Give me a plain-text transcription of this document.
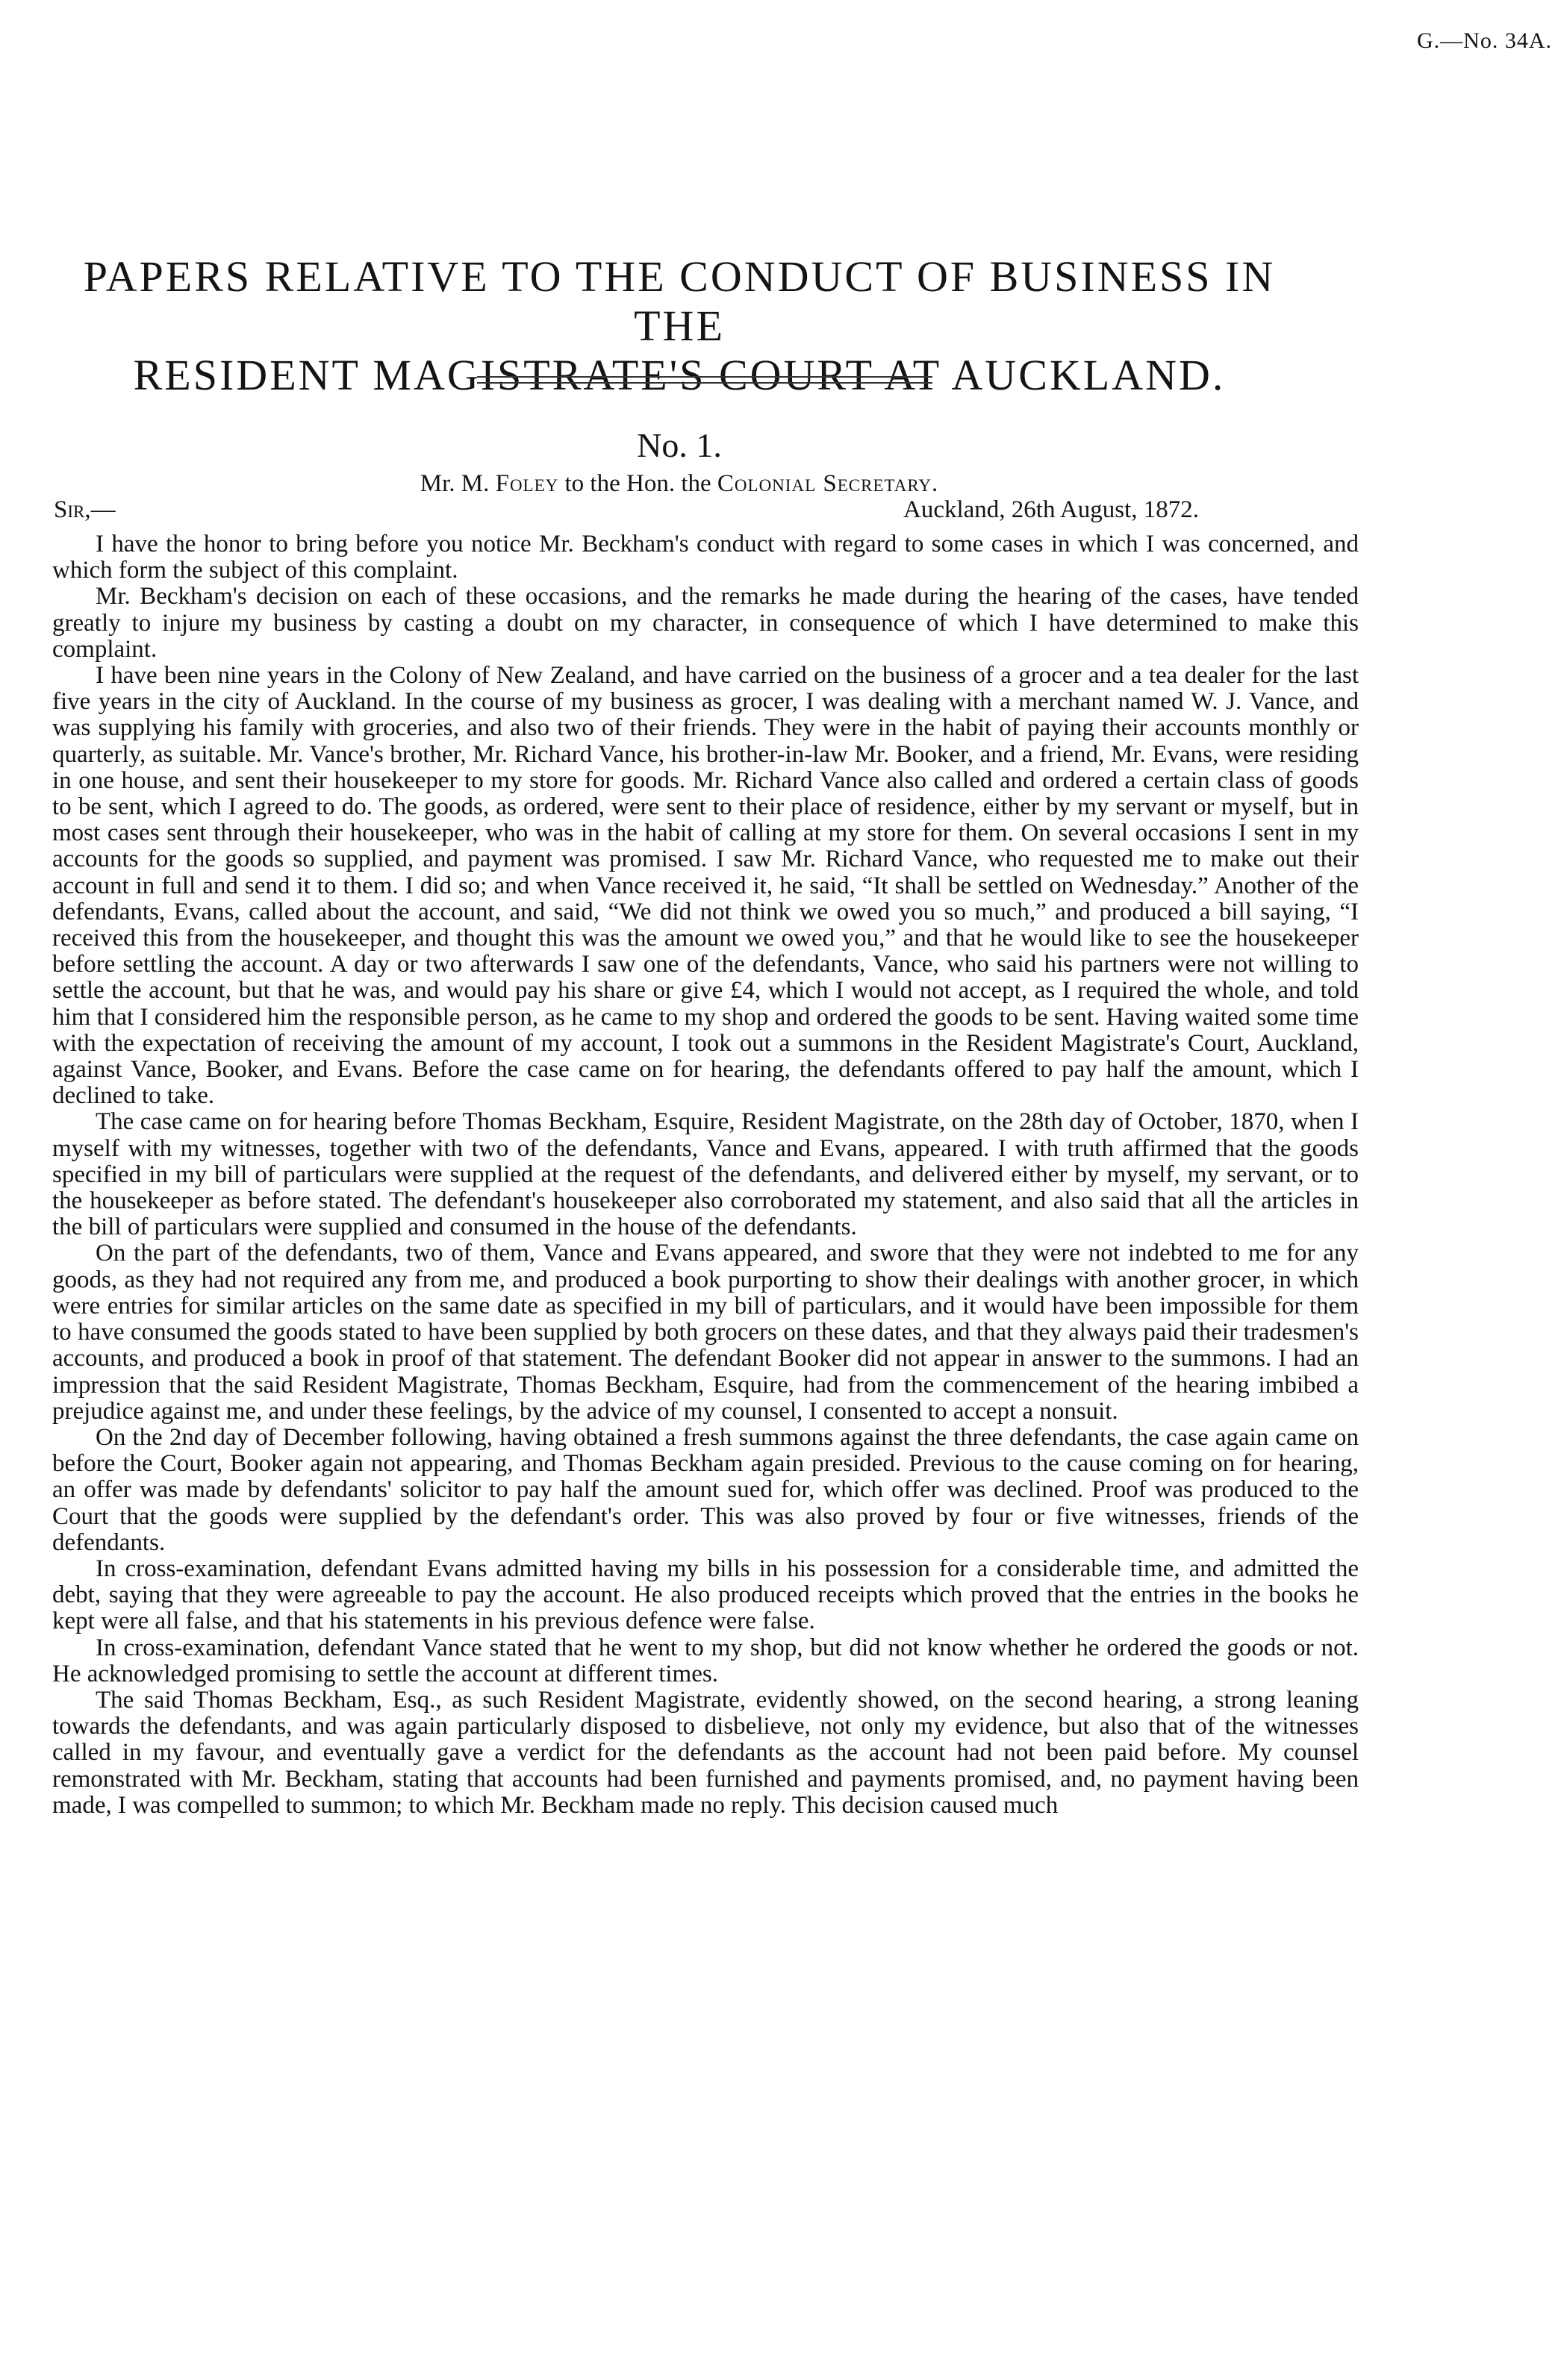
G.—No. 34A.
PAPERS RELATIVE TO THE CONDUCT OF BUSINESS IN THE
RESIDENT MAGISTRATE'S COURT AT AUCKLAND.
No. 1.
Mr. M. Foley to the Hon. the Colonial Secretary.
Sir,—	Auckland, 26th August, 1872.

I have the honor to bring before you notice Mr. Beckham's conduct with regard to some cases in which I was concerned, and which form the subject of this complaint.

Mr. Beckham's decision on each of these occasions, and the remarks he made during the hearing of the cases, have tended greatly to injure my business by casting a doubt on my character, in consequence of which I have determined to make this complaint.

I have been nine years in the Colony of New Zealand, and have carried on the business of a grocer and a tea dealer for the last five years in the city of Auckland. In the course of my business as grocer, I was dealing with a merchant named W. J. Vance, and was supplying his family with groceries, and also two of their friends. They were in the habit of paying their accounts monthly or quarterly, as suitable. Mr. Vance's brother, Mr. Richard Vance, his brother-in-law Mr. Booker, and a friend, Mr. Evans, were residing in one house, and sent their housekeeper to my store for goods. Mr. Richard Vance also called and ordered a certain class of goods to be sent, which I agreed to do. The goods, as ordered, were sent to their place of residence, either by my servant or myself, but in most cases sent through their housekeeper, who was in the habit of calling at my store for them. On several occasions I sent in my accounts for the goods so supplied, and payment was promised. I saw Mr. Richard Vance, who requested me to make out their account in full and send it to them. I did so; and when Vance received it, he said, “It shall be settled on Wednesday.” Another of the defendants, Evans, called about the account, and said, “We did not think we owed you so much,” and produced a bill saying, “I received this from the housekeeper, and thought this was the amount we owed you,” and that he would like to see the housekeeper before settling the account. A day or two afterwards I saw one of the defendants, Vance, who said his partners were not willing to settle the account, but that he was, and would pay his share or give £4, which I would not accept, as I required the whole, and told him that I considered him the responsible person, as he came to my shop and ordered the goods to be sent. Having waited some time with the expectation of receiving the amount of my account, I took out a summons in the Resident Magistrate's Court, Auckland, against Vance, Booker, and Evans. Before the case came on for hearing, the defendants offered to pay half the amount, which I declined to take.

The case came on for hearing before Thomas Beckham, Esquire, Resident Magistrate, on the 28th day of October, 1870, when I myself with my witnesses, together with two of the defendants, Vance and Evans, appeared. I with truth affirmed that the goods specified in my bill of particulars were supplied at the request of the defendants, and delivered either by myself, my servant, or to the housekeeper as before stated. The defendant's housekeeper also corroborated my statement, and also said that all the articles in the bill of particulars were supplied and consumed in the house of the defendants.

On the part of the defendants, two of them, Vance and Evans appeared, and swore that they were not indebted to me for any goods, as they had not required any from me, and produced a book purporting to show their dealings with another grocer, in which were entries for similar articles on the same date as specified in my bill of particulars, and it would have been impossible for them to have consumed the goods stated to have been supplied by both grocers on these dates, and that they always paid their tradesmen's accounts, and produced a book in proof of that statement. The defendant Booker did not appear in answer to the summons. I had an impression that the said Resident Magistrate, Thomas Beckham, Esquire, had from the commencement of the hearing imbibed a prejudice against me, and under these feelings, by the advice of my counsel, I consented to accept a nonsuit.

On the 2nd day of December following, having obtained a fresh summons against the three defendants, the case again came on before the Court, Booker again not appearing, and Thomas Beckham again presided. Previous to the cause coming on for hearing, an offer was made by defendants' solicitor to pay half the amount sued for, which offer was declined. Proof was produced to the Court that the goods were supplied by the defendant's order. This was also proved by four or five witnesses, friends of the defendants.

In cross-examination, defendant Evans admitted having my bills in his possession for a considerable time, and admitted the debt, saying that they were agreeable to pay the account. He also produced receipts which proved that the entries in the books he kept were all false, and that his statements in his previous defence were false.

In cross-examination, defendant Vance stated that he went to my shop, but did not know whether he ordered the goods or not. He acknowledged promising to settle the account at different times.

The said Thomas Beckham, Esq., as such Resident Magistrate, evidently showed, on the second hearing, a strong leaning towards the defendants, and was again particularly disposed to disbelieve, not only my evidence, but also that of the witnesses called in my favour, and eventually gave a verdict for the defendants as the account had not been paid before. My counsel remonstrated with Mr. Beckham, stating that accounts had been furnished and payments promised, and, no payment having been made, I was compelled to summon; to which Mr. Beckham made no reply. This decision caused much
